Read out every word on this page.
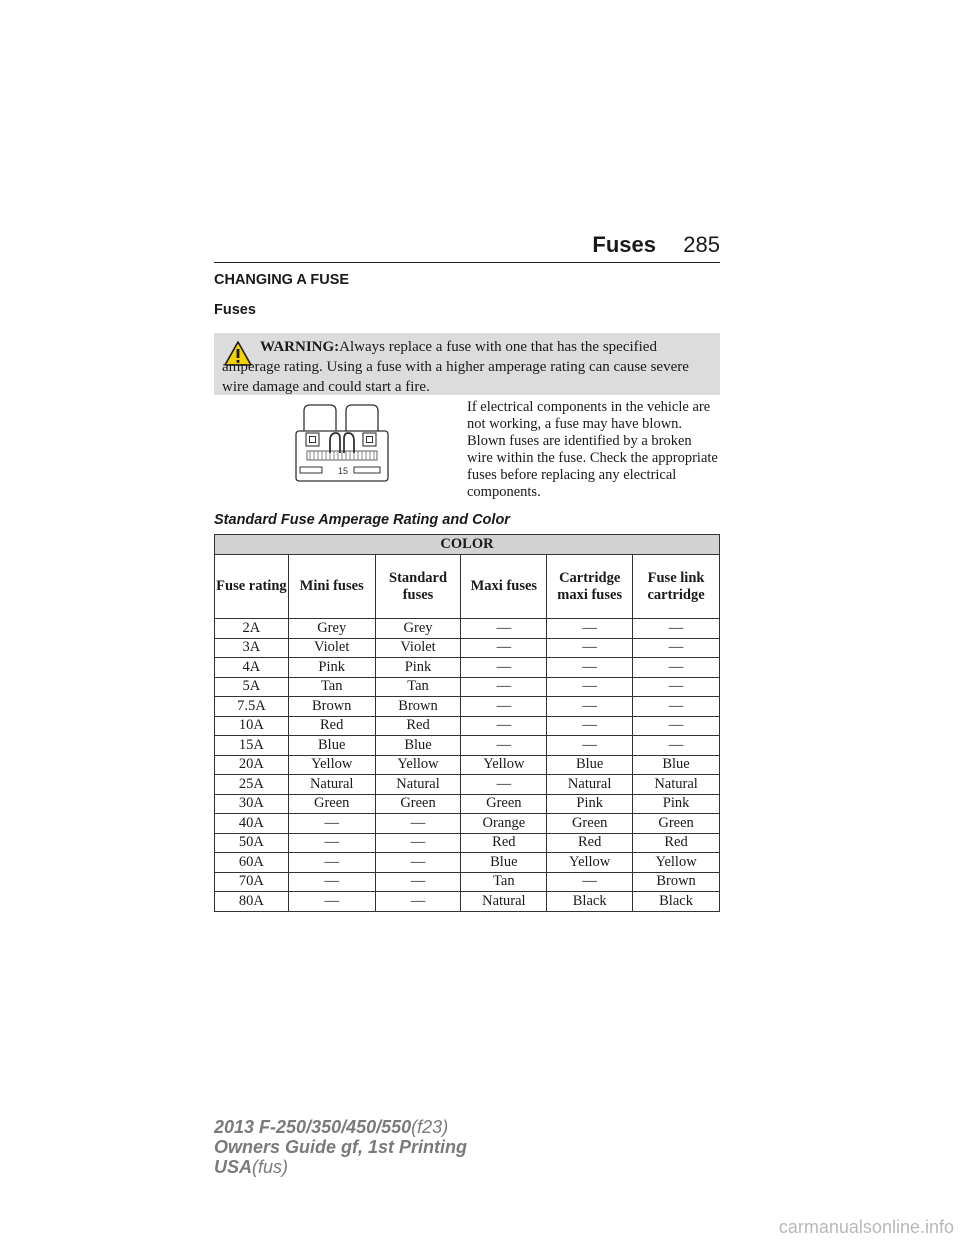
Fuses 285
CHANGING A FUSE
Fuses
WARNING:Always replace a fuse with one that has the specified amperage rating. Using a fuse with a higher amperage rating can cause severe wire damage and could start a fire.
15
If electrical components in the vehicle are not working, a fuse may have blown. Blown fuses are identified by a broken wire within the fuse. Check the appropriate fuses before replacing any electrical components.
Standard Fuse Amperage Rating and Color
COLOR					
Fuse rating	Mini fuses	Standard fuses	Maxi fuses	Cartridge maxi fuses	Fuse link cartridge
2A	Grey	Grey	—	—	—
3A	Violet	Violet	—	—	—
4A	Pink	Pink	—	—	—
5A	Tan	Tan	—	—	—
7.5A	Brown	Brown	—	—	—
10A	Red	Red	—	—	—
15A	Blue	Blue	—	—	—
20A	Yellow	Yellow	Yellow	Blue	Blue
25A	Natural	Natural	—	Natural	Natural
30A	Green	Green	Green	Pink	Pink
40A	—	—	Orange	Green	Green
50A	—	—	Red	Red	Red
60A	—	—	Blue	Yellow	Yellow
70A	—	—	Tan	—	Brown
80A	—	—	Natural	Black	Black
2013 F-250/350/450/550(f23)
Owners Guide gf, 1st Printing
USA(fus)
carmanualsonline.info
